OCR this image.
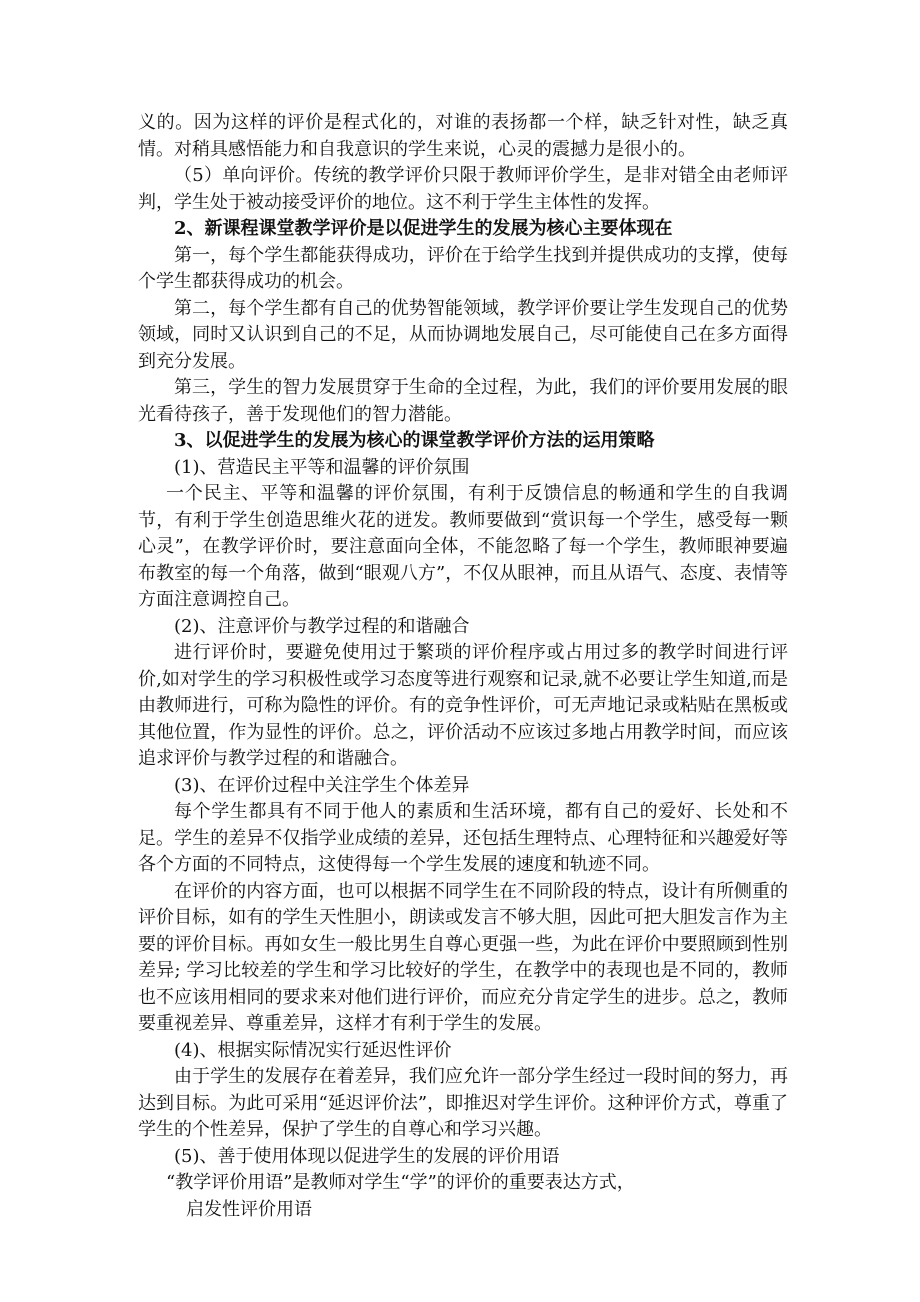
义的。因为这样的评价是程式化的，对谁的表扬都一个样，缺乏针对性，缺乏真情。对稍具感悟能力和自我意识的学生来说，心灵的震撼力是很小的。

（5）单向评价。传统的教学评价只限于教师评价学生，是非对错全由老师评判，学生处于被动接受评价的地位。这不利于学生主体性的发挥。

2、新课程课堂教学评价是以促进学生的发展为核心主要体现在

第一，每个学生都能获得成功，评价在于给学生找到并提供成功的支撑，使每个学生都获得成功的机会。

第二，每个学生都有自己的优势智能领域，教学评价要让学生发现自己的优势领域，同时又认识到自己的不足，从而协调地发展自己，尽可能使自己在多方面得到充分发展。

第三，学生的智力发展贯穿于生命的全过程，为此，我们的评价要用发展的眼光看待孩子，善于发现他们的智力潜能。

3、以促进学生的发展为核心的课堂教学评价方法的运用策略

(1)、营造民主平等和温馨的评价氛围

一个民主、平等和温馨的评价氛围，有利于反馈信息的畅通和学生的自我调节，有利于学生创造思维火花的迸发。教师要做到“赏识每一个学生，感受每一颗心灵”，在教学评价时，要注意面向全体，不能忽略了每一个学生，教师眼神要遍布教室的每一个角落，做到“眼观八方”，不仅从眼神，而且从语气、态度、表情等方面注意调控自己。

(2)、注意评价与教学过程的和谐融合

进行评价时，要避免使用过于繁琐的评价程序或占用过多的教学时间进行评价,如对学生的学习积极性或学习态度等进行观察和记录,就不必要让学生知道,而是由教师进行，可称为隐性的评价。有的竞争性评价，可无声地记录或粘贴在黑板或其他位置，作为显性的评价。总之，评价活动不应该过多地占用教学时间，而应该追求评价与教学过程的和谐融合。

(3)、在评价过程中关注学生个体差异

每个学生都具有不同于他人的素质和生活环境，都有自己的爱好、长处和不足。学生的差异不仅指学业成绩的差异，还包括生理特点、心理特征和兴趣爱好等各个方面的不同特点，这使得每一个学生发展的速度和轨迹不同。

在评价的内容方面，也可以根据不同学生在不同阶段的特点，设计有所侧重的评价目标，如有的学生天性胆小，朗读或发言不够大胆，因此可把大胆发言作为主要的评价目标。再如女生一般比男生自尊心更强一些，为此在评价中要照顾到性别差异; 学习比较差的学生和学习比较好的学生，在教学中的表现也是不同的，教师也不应该用相同的要求来对他们进行评价，而应充分肯定学生的进步。总之，教师要重视差异、尊重差异，这样才有利于学生的发展。

(4)、根据实际情况实行延迟性评价

由于学生的发展存在着差异，我们应允许一部分学生经过一段时间的努力，再达到目标。为此可采用“延迟评价法”，即推迟对学生评价。这种评价方式，尊重了学生的个性差异，保护了学生的自尊心和学习兴趣。

(5)、善于使用体现以促进学生的发展的评价用语

“教学评价用语”是教师对学生“学”的评价的重要表达方式，

启发性评价用语
